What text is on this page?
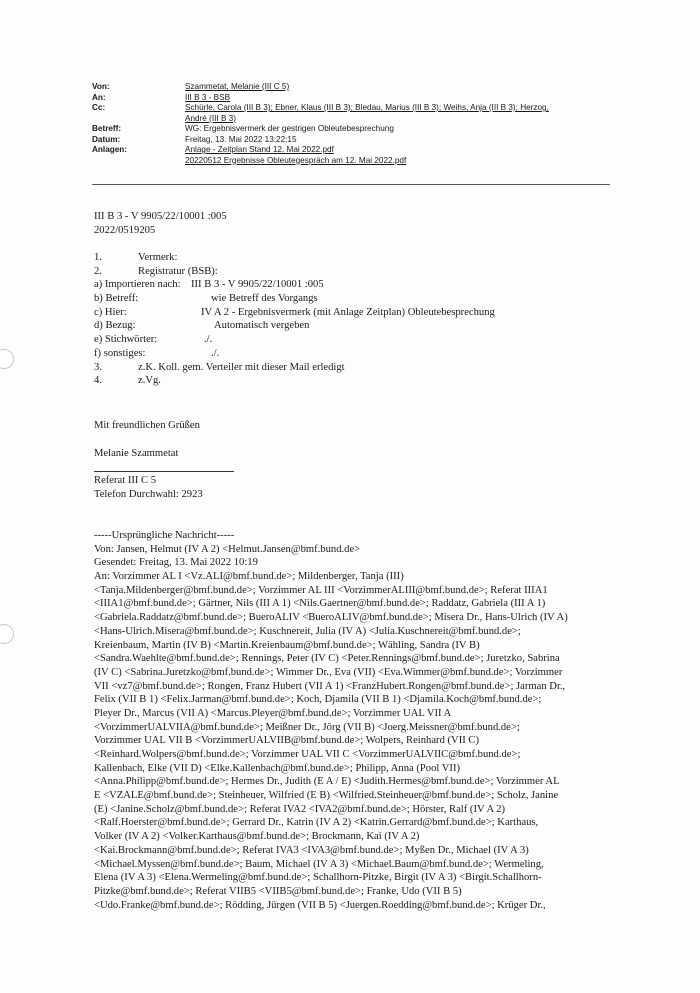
Von:	Szammetat, Melanie (III C 5)
An:	III B 3 - BSB
Cc:	Schürle, Carola (III B 3); Ebner, Klaus (III B 3); Bledau, Marius (III B 3); Weihs, Anja (III B 3); Herzog,
André (III B 3)
Betreff:	WG: Ergebnisvermerk der gestrigen Obleutebesprechung
Datum:	Freitag, 13. Mai 2022 13:22:15
Anlagen:	Anlage - Zeitplan Stand 12. Mai 2022.pdf
20220512 Ergebnisse Obleutegespräch am 12. Mai 2022.pdf
III B 3 - V 9905/22/10001 :005
2022/0519205
1.	Vermerk:
2.	Registratur (BSB):
a) Importieren nach: III B 3 - V 9905/22/10001 :005
b) Betreff:	wie Betreff des Vorgangs
c) Hier:	IV A 2 - Ergebnisvermerk (mit Anlage Zeitplan) Obleutebesprechung
d) Bezug:	Automatisch vergeben
e) Stichwörter:	./.
f) sonstiges:	./.
3.	z.K. Koll. gem. Verteiler mit dieser Mail erledigt
4.	z.Vg.
Mit freundlichen Grüßen
Melanie Szammetat
Referat III C 5
Telefon Durchwahl: 2923
-----Ursprüngliche Nachricht-----
Von: Jansen, Helmut (IV A 2) <Helmut.Jansen@bmf.bund.de>
Gesendet: Freitag, 13. Mai 2022 10:19
An: Vorzimmer AL I <Vz.ALI@bmf.bund.de>; Mildenberger, Tanja (III)
<Tanja.Mildenberger@bmf.bund.de>; Vorzimmer AL III <VorzimmerALIII@bmf.bund.de>; Referat IIIA1
<IIIA1@bmf.bund.de>; Gärtner, Nils (III A 1) <Nils.Gaertner@bmf.bund.de>; Raddatz, Gabriela (III A 1)
<Gabriela.Raddatz@bmf.bund.de>; BueroALIV <BueroALIV@bmf.bund.de>; Misera Dr., Hans-Ulrich (IV A)
<Hans-Ulrich.Misera@bmf.bund.de>; Kuschnereit, Julia (IV A) <Julia.Kuschnereit@bmf.bund.de>;
Kreienbaum, Martin (IV B) <Martin.Kreienbaum@bmf.bund.de>; Wähling, Sandra (IV B)
<Sandra.Waehlte@bmf.bund.de>; Rennings, Peter (IV C) <Peter.Rennings@bmf.bund.de>; Juretzko, Sabrina
(IV C) <Sabrina.Juretzko@bmf.bund.de>; Wimmer Dr., Eva (VII) <Eva.Wimmer@bmf.bund.de>; Vorzimmer
VII <vz7@bmf.bund.de>; Rongen, Franz Hubert (VII A 1) <FranzHubert.Rongen@bmf.bund.de>; Jarman Dr.,
Felix (VII B 1) <Felix.Jarman@bmf.bund.de>; Koch, Djamila (VII B 1) <Djamila.Koch@bmf.bund.de>;
Pleyer Dr., Marcus (VII A) <Marcus.Pleyer@bmf.bund.de>; Vorzimmer UAL VII A
<VorzimmerUALVIIA@bmf.bund.de>; Meißner Dr., Jörg (VII B) <Joerg.Meissner@bmf.bund.de>;
Vorzimmer UAL VII B <VorzimmerUALVIIB@bmf.bund.de>; Wolpers, Reinhard (VII C)
<Reinhard.Wolpers@bmf.bund.de>; Vorzimmer UAL VII C <VorzimmerUALVIIC@bmf.bund.de>;
Kallenbach, Elke (VII D) <Elke.Kallenbach@bmf.bund.de>; Philipp, Anna (Pool VII)
<Anna.Philipp@bmf.bund.de>; Hermes Dr., Judith (E A / E) <Judith.Hermes@bmf.bund.de>; Vorzimmer AL
E <VZALE@bmf.bund.de>; Steinheuer, Wilfried (E B) <Wilfried.Steinheuer@bmf.bund.de>; Scholz, Janine
(E) <Janine.Scholz@bmf.bund.de>; Referat IVA2 <IVA2@bmf.bund.de>; Hörster, Ralf (IV A 2)
<Ralf.Hoerster@bmf.bund.de>; Gerrard Dr., Katrin (IV A 2) <Katrin.Gerrard@bmf.bund.de>; Karthaus,
Volker (IV A 2) <Volker.Karthaus@bmf.bund.de>; Brockmann, Kai (IV A 2)
<Kai.Brockmann@bmf.bund.de>; Referat IVA3 <IVA3@bmf.bund.de>; Myßen Dr., Michael (IV A 3)
<Michael.Myssen@bmf.bund.de>; Baum, Michael (IV A 3) <Michael.Baum@bmf.bund.de>; Wermeling,
Elena (IV A 3) <Elena.Wermeling@bmf.bund.de>; Schallhorn-Pitzke, Birgit (IV A 3) <Birgit.Schallhorn-
Pitzke@bmf.bund.de>; Referat VIIB5 <VIIB5@bmf.bund.de>; Franke, Udo (VII B 5)
<Udo.Franke@bmf.bund.de>; Rödding, Jürgen (VII B 5) <Juergen.Roedding@bmf.bund.de>; Krüger Dr.,
